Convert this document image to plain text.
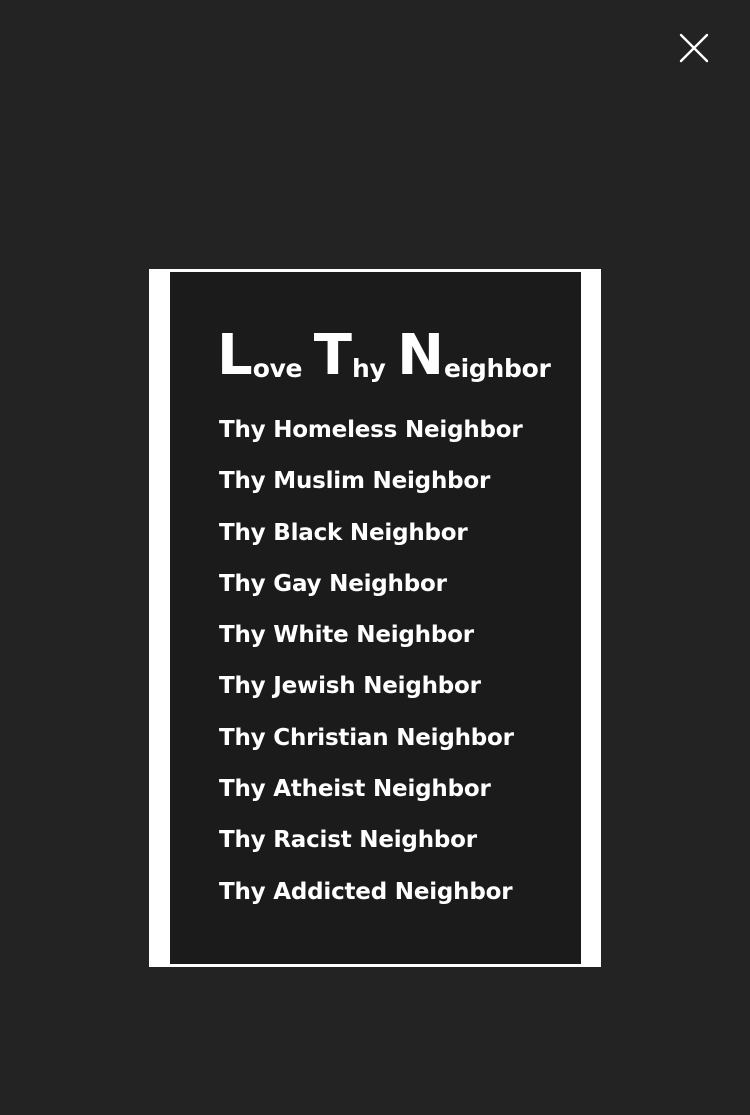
Love Thy Neighbor
Thy Homeless Neighbor
Thy Muslim Neighbor
Thy Black Neighbor
Thy Gay Neighbor
Thy White Neighbor
Thy Jewish Neighbor
Thy Christian Neighbor
Thy Atheist Neighbor
Thy Racist Neighbor
Thy Addicted Neighbor
